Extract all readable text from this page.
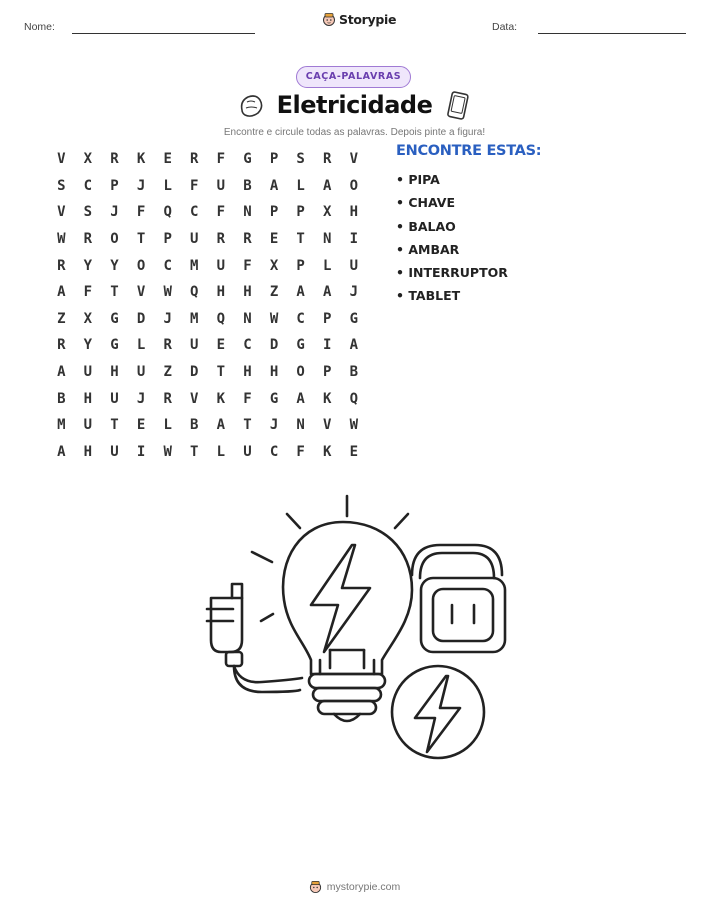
Nome:	Storypie	Data:
CAÇA-PALAVRAS
Eletricidade
Encontre e circule todas as palavras. Depois pinte a figura!
V	X	R	K	E	R	F	G	P	S	R	V
S	C	P	J	L	F	U	B	A	L	A	O
V	S	J	F	Q	C	F	N	P	P	X	H
W	R	O	T	P	U	R	R	E	T	N	I
R	Y	Y	O	C	M	U	F	X	P	L	U
A	F	T	V	W	Q	H	H	Z	A	A	J
Z	X	G	D	J	M	Q	N	W	C	P	G
R	Y	G	L	R	U	E	C	D	G	I	A
A	U	H	U	Z	D	T	H	H	O	P	B
B	H	U	J	R	V	K	F	G	A	K	Q
M	U	T	E	L	B	A	T	J	N	V	W
A	H	U	I	W	T	L	U	C	F	K	E
ENCONTRE ESTAS:
• PIPA
• CHAVE
• BALAO
• AMBAR
• INTERRUPTOR
• TABLET
mystorypie.com
